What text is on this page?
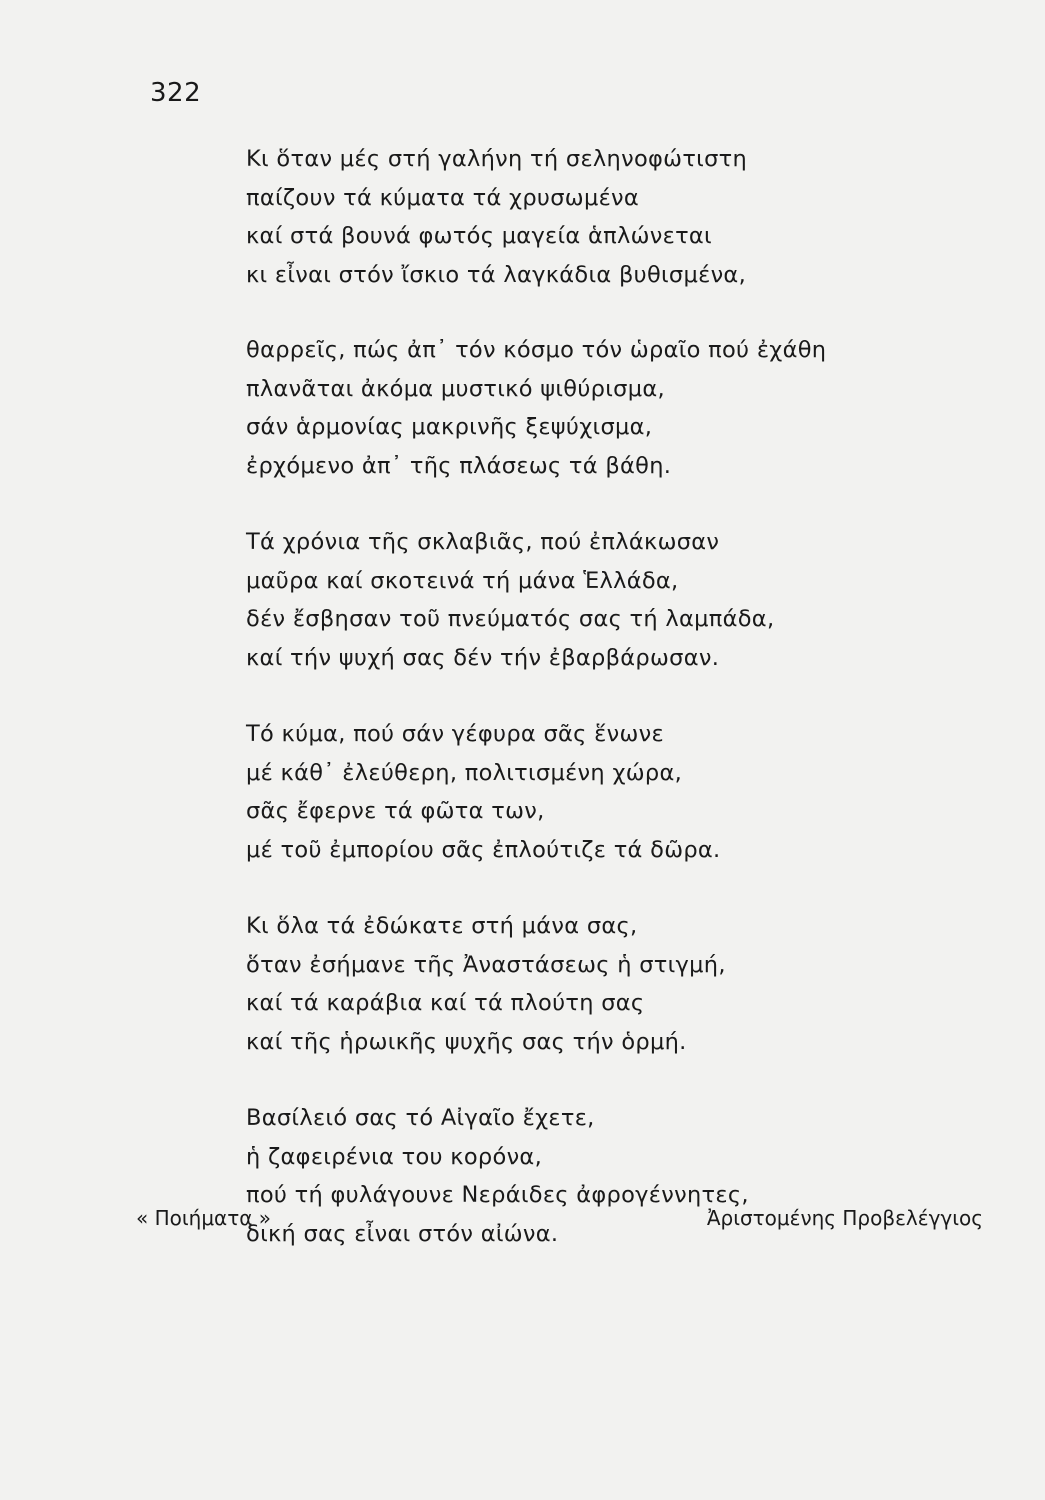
322
Κι ὅταν μές στή γαλήνη τή σεληνοφώτιστη
παίζουν τά κύματα τά χρυσωμένα
καί στά βουνά φωτός μαγεία ἁπλώνεται
κι εἶναι στόν ἴσκιο τά λαγκάδια βυθισμένα,
θαρρεῖς, πώς ἀπ᾽ τόν κόσμο τόν ὡραῖο πού ἐχάθη
πλανᾶται ἀκόμα μυστικό ψιθύρισμα,
σάν ἁρμονίας μακρινῆς ξεψύχισμα,
ἐρχόμενο ἀπ᾽ τῆς πλάσεως τά βάθη.
Τά χρόνια τῆς σκλαβιᾶς, πού ἐπλάκωσαν
μαῦρα καί σκοτεινά τή μάνα Ἑλλάδα,
δέν ἔσβησαν τοῦ πνεύματός σας τή λαμπάδα,
καί τήν ψυχή σας δέν τήν ἐβαρβάρωσαν.
Τό κύμα, πού σάν γέφυρα σᾶς ἕνωνε
μέ κάθ᾽ ἐλεύθερη, πολιτισμένη χώρα,
σᾶς ἔφερνε τά φῶτα των,
μέ τοῦ ἐμπορίου σᾶς ἐπλούτιζε τά δῶρα.
Κι ὅλα τά ἐδώκατε στή μάνα σας,
ὅταν ἐσήμανε τῆς Ἀναστάσεως ἡ στιγμή,
καί τά καράβια καί τά πλούτη σας
καί τῆς ἡρωικῆς ψυχῆς σας τήν ὁρμή.
Βασίλειό σας τό Αἰγαῖο ἔχετε,
ἡ ζαφειρένια του κορόνα,
πού τή φυλάγουνε Νεράιδες ἀφρογέννητες,
δική σας εἶναι στόν αἰώνα.
« Ποιήματα »	Ἀριστομένης Προβελέγγιος
